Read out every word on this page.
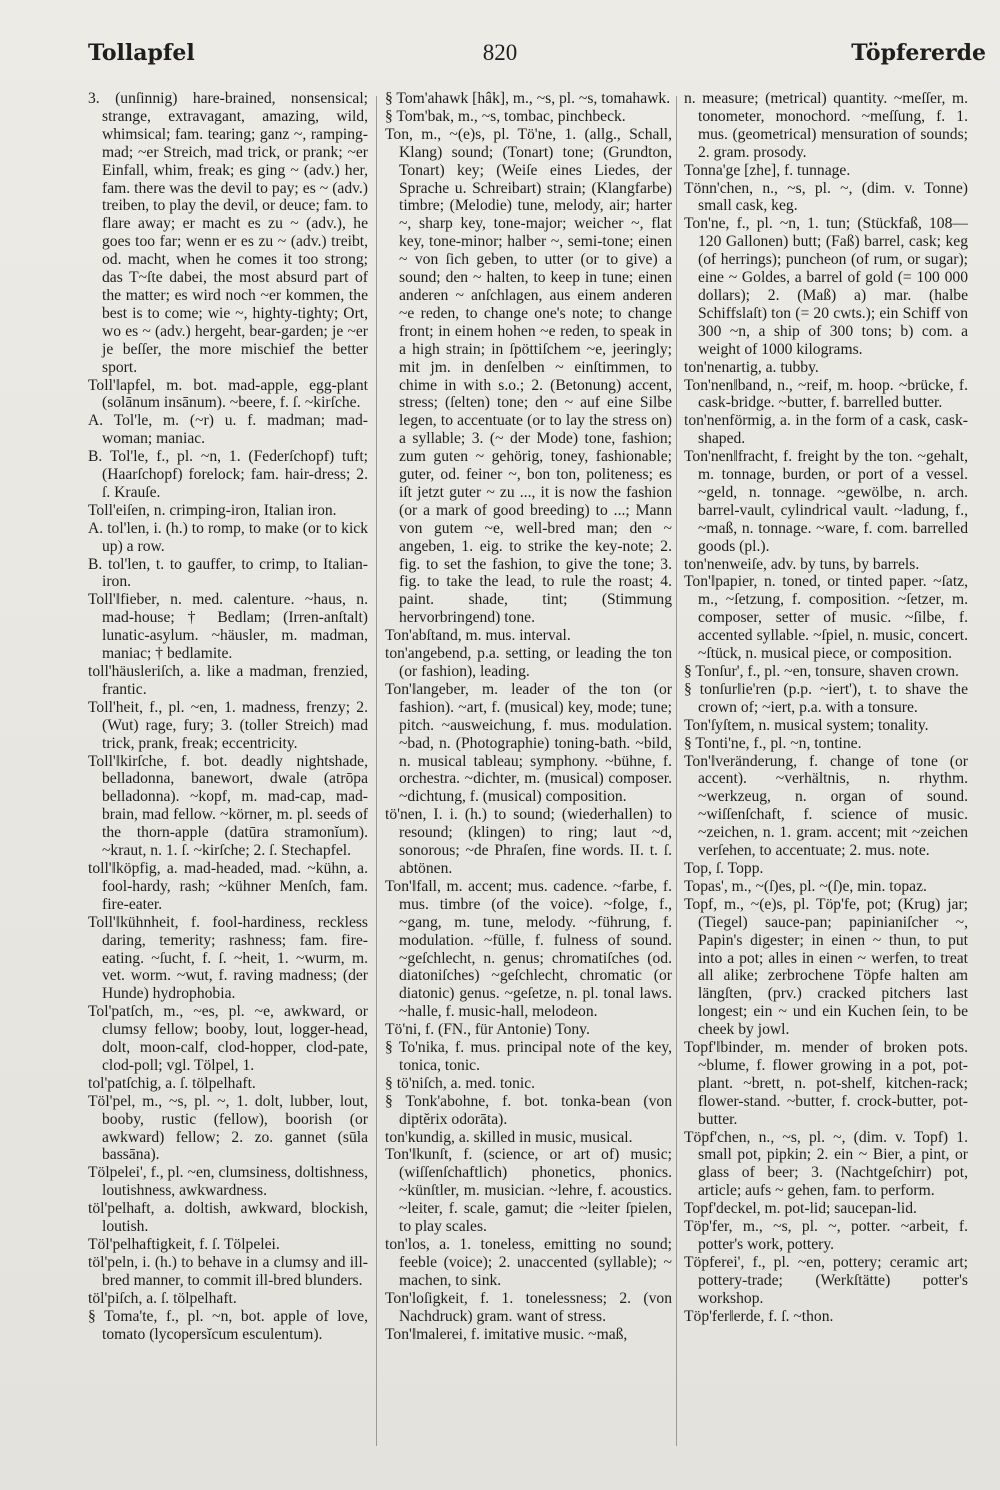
Tollapfel	820	Töpfererde
3. (unſinnig) hare-brained, nonsensical; strange, extravagant, amazing, wild, whimsical; fam. tearing; ganz ~, ramping-mad; ~er Streich, mad trick, or prank; ~er Einfall, whim, freak; es ging ~ (adv.) her, fam. there was the devil to pay; es ~ (adv.) treiben, to play the devil, or deuce; fam. to flare away; er macht es zu ~ (adv.), he goes too far; wenn er es zu ~ (adv.) treibt, od. macht, when he comes it too strong; das T~ſte dabei, the most absurd part of the matter; es wird noch ~er kommen, the best is to come; wie ~, highty-tighty; Ort, wo es ~ (adv.) hergeht, bear-garden; je ~er je beſſer, the more mischief the better sport.
Toll'‖apfel, m. bot. mad-apple, egg-plant (solānum insānum). ~beere, f. ſ. ~kirſche.
A. Tol'le, m. (~r) u. f. madman; mad-woman; maniac.
B. Tol'le, f., pl. ~n, 1. (Federſchopf) tuft; (Haarſchopf) forelock; fam. hair-dress; 2. ſ. Krauſe.
Toll'eiſen, n. crimping-iron, Italian iron.
A. tol'len, i. (h.) to romp, to make (or to kick up) a row.
B. tol'len, t. to gauffer, to crimp, to Italian-iron.
Toll'‖fieber, n. med. calenture. ~haus, n. mad-house; † Bedlam; (Irren-anſtalt) lunatic-asylum. ~häusler, m. madman, maniac; † bedlamite.
toll'häusleriſch, a. like a madman, frenzied, frantic.
Toll'heit, f., pl. ~en, 1. madness, frenzy; 2. (Wut) rage, fury; 3. (toller Streich) mad trick, prank, freak; eccentricity.
Toll'‖kirſche, f. bot. deadly nightshade, belladonna, banewort, dwale (atrōpa belladonna). ~kopf, m. mad-cap, mad-brain, mad fellow. ~körner, m. pl. seeds of the thorn-apple (datūra stramonĭum). ~kraut, n. 1. ſ. ~kirſche; 2. ſ. Stechapfel.
toll'‖köpfig, a. mad-headed, mad. ~kühn, a. fool-hardy, rash; ~kühner Menſch, fam. fire-eater.
Toll'‖kühnheit, f. fool-hardiness, reckless daring, temerity; rashness; fam. fire-eating. ~ſucht, f. ſ. ~heit, 1. ~wurm, m. vet. worm. ~wut, f. raving madness; (der Hunde) hydrophobia.
Tol'patſch, m., ~es, pl. ~e, awkward, or clumsy fellow; booby, lout, logger-head, dolt, moon-calf, clod-hopper, clod-pate, clod-poll; vgl. Tölpel, 1.
tol'patſchig, a. ſ. tölpelhaft.
Töl'pel, m., ~s, pl. ~, 1. dolt, lubber, lout, booby, rustic (fellow), boorish (or awkward) fellow; 2. zo. gannet (sūla bassāna).
Tölpelei', f., pl. ~en, clumsiness, doltishness, loutishness, awkwardness.
töl'pelhaft, a. doltish, awkward, blockish, loutish.
Töl'pelhaftigkeit, f. ſ. Tölpelei.
töl'peln, i. (h.) to behave in a clumsy and ill-bred manner, to commit ill-bred blunders.
töl'piſch, a. ſ. tölpelhaft.
§ Toma'te, f., pl. ~n, bot. apple of love, tomato (lycopersĭcum esculentum).
§ Tom'ahawk [hâk], m., ~s, pl. ~s, tomahawk.
§ Tom'bak, m., ~s, tombac, pinchbeck.
Ton, m., ~(e)s, pl. Tö'ne, 1. (allg., Schall, Klang) sound; (Tonart) tone; (Grundton, Tonart) key; (Weiſe eines Liedes, der Sprache u. Schreibart) strain; (Klangfarbe) timbre; (Melodie) tune, melody, air; harter ~, sharp key, tone-major; weicher ~, flat key, tone-minor; halber ~, semi-tone; einen ~ von ſich geben, to utter (or to give) a sound; den ~ halten, to keep in tune; einen anderen ~ anſchlagen, aus einem anderen ~e reden, to change one's note; to change front; in einem hohen ~e reden, to speak in a high strain; in ſpöttiſchem ~e, jeeringly; mit jm. in denſelben ~ einſtimmen, to chime in with s.o.; 2. (Betonung) accent, stress; (ſelten) tone; den ~ auf eine Silbe legen, to accentuate (or to lay the stress on) a syllable; 3. (~ der Mode) tone, fashion; zum guten ~ gehörig, toney, fashionable; guter, od. feiner ~, bon ton, politeness; es iſt jetzt guter ~ zu ..., it is now the fashion (or a mark of good breeding) to ...; Mann von gutem ~e, well-bred man; den ~ angeben, 1. eig. to strike the key-note; 2. fig. to set the fashion, to give the tone; 3. fig. to take the lead, to rule the roast; 4. paint. shade, tint; (Stimmung hervorbringend) tone.
Ton'abſtand, m. mus. interval.
ton'angebend, p.a. setting, or leading the ton (or fashion), leading.
Ton'‖angeber, m. leader of the ton (or fashion). ~art, f. (musical) key, mode; tune; pitch. ~ausweichung, f. mus. modulation. ~bad, n. (Photographie) toning-bath. ~bild, n. musical tableau; symphony. ~bühne, f. orchestra. ~dichter, m. (musical) composer. ~dichtung, f. (musical) composition.
tö'nen, I. i. (h.) to sound; (wiederhallen) to resound; (klingen) to ring; laut ~d, sonorous; ~de Phraſen, fine words. II. t. ſ. abtönen.
Ton'‖fall, m. accent; mus. cadence. ~farbe, f. mus. timbre (of the voice). ~folge, f., ~gang, m. tune, melody. ~führung, f. modulation. ~fülle, f. fulness of sound. ~geſchlecht, n. genus; chromatiſches (od. diatoniſches) ~geſchlecht, chromatic (or diatonic) genus. ~geſetze, n. pl. tonal laws. ~halle, f. music-hall, melodeon.
Tö'ni, f. (FN., für Antonie) Tony.
§ To'nika, f. mus. principal note of the key, tonica, tonic.
§ tö'niſch, a. med. tonic.
§ Tonk'abohne, f. bot. tonka-bean (von diptĕrix odorāta).
ton'kundig, a. skilled in music, musical.
Ton'‖kunſt, f. (science, or art of) music; (wiſſenſchaftlich) phonetics, phonics. ~künſtler, m. musician. ~lehre, f. acoustics. ~leiter, f. scale, gamut; die ~leiter ſpielen, to play scales.
ton'los, a. 1. toneless, emitting no sound; feeble (voice); 2. unaccented (syllable); ~ machen, to sink.
Ton'loſigkeit, f. 1. tonelessness; 2. (von Nachdruck) gram. want of stress.
Ton'‖malerei, f. imitative music. ~maß,
n. measure; (metrical) quantity. ~meſſer, m. tonometer, monochord. ~meſſung, f. 1. mus. (geometrical) mensuration of sounds; 2. gram. prosody.
Tonna'ge [zhe], f. tunnage.
Tönn'chen, n., ~s, pl. ~, (dim. v. Tonne) small cask, keg.
Ton'ne, f., pl. ~n, 1. tun; (Stückfaß, 108—120 Gallonen) butt; (Faß) barrel, cask; keg (of herrings); puncheon (of rum, or sugar); eine ~ Goldes, a barrel of gold (= 100 000 dollars); 2. (Maß) a) mar. (halbe Schiffslaſt) ton (= 20 cwts.); ein Schiff von 300 ~n, a ship of 300 tons; b) com. a weight of 1000 kilograms.
ton'nenartig, a. tubby.
Ton'nen‖band, n., ~reif, m. hoop. ~brücke, f. cask-bridge. ~butter, f. barrelled butter.
ton'nenförmig, a. in the form of a cask, cask-shaped.
Ton'nen‖fracht, f. freight by the ton. ~gehalt, m. tonnage, burden, or port of a vessel. ~geld, n. tonnage. ~gewölbe, n. arch. barrel-vault, cylindrical vault. ~ladung, f., ~maß, n. tonnage. ~ware, f. com. barrelled goods (pl.).
ton'nenweiſe, adv. by tuns, by barrels.
Ton'‖papier, n. toned, or tinted paper. ~ſatz, m., ~ſetzung, f. composition. ~ſetzer, m. composer, setter of music. ~ſilbe, f. accented syllable. ~ſpiel, n. music, concert. ~ſtück, n. musical piece, or composition.
§ Tonſur', f., pl. ~en, tonsure, shaven crown.
§ tonſur‖ie'ren (p.p. ~iert'), t. to shave the crown of; ~iert, p.a. with a tonsure.
Ton'ſyſtem, n. musical system; tonality.
§ Tonti'ne, f., pl. ~n, tontine.
Ton'‖veränderung, f. change of tone (or accent). ~verhältnis, n. rhythm. ~werkzeug, n. organ of sound. ~wiſſenſchaft, f. science of music. ~zeichen, n. 1. gram. accent; mit ~zeichen verſehen, to accentuate; 2. mus. note.
Top, ſ. Topp.
Topas', m., ~(ſ)es, pl. ~(ſ)e, min. topaz.
Topf, m., ~(e)s, pl. Töp'fe, pot; (Krug) jar; (Tiegel) sauce-pan; papinianiſcher ~, Papin's digester; in einen ~ thun, to put into a pot; alles in einen ~ werfen, to treat all alike; zerbrochene Töpfe halten am längſten, (prv.) cracked pitchers last longest; ein ~ und ein Kuchen ſein, to be cheek by jowl.
Topf'‖binder, m. mender of broken pots. ~blume, f. flower growing in a pot, pot-plant. ~brett, n. pot-shelf, kitchen-rack; flower-stand. ~butter, f. crock-butter, pot-butter.
Töpf'chen, n., ~s, pl. ~, (dim. v. Topf) 1. small pot, pipkin; 2. ein ~ Bier, a pint, or glass of beer; 3. (Nachtgeſchirr) pot, article; aufs ~ gehen, fam. to perform.
Topf'deckel, m. pot-lid; saucepan-lid.
Töp'fer, m., ~s, pl. ~, potter. ~arbeit, f. potter's work, pottery.
Töpferei', f., pl. ~en, pottery; ceramic art; pottery-trade; (Werkſtätte) potter's workshop.
Töp'fer‖erde, f. ſ. ~thon.
